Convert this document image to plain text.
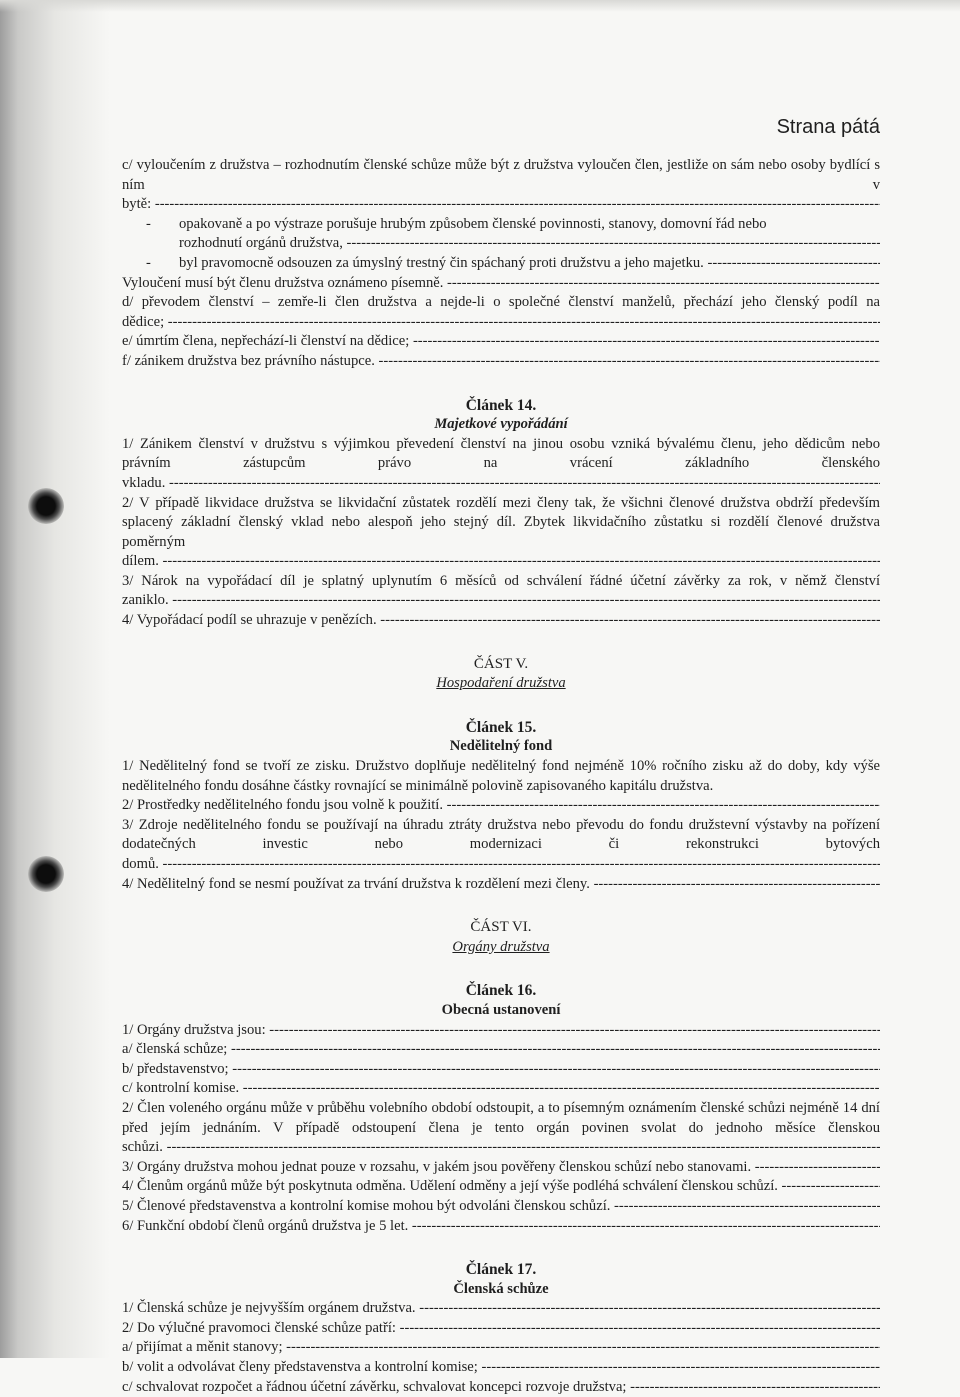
Strana pátá
c/ vyloučením z družstva – rozhodnutím členské schůze může být z družstva vyloučen člen, jestliže on sám nebo osoby bydlící s ním v bytě: -----
- opakovaně a po výstraze porušuje hrubým způsobem členské povinnosti, stanovy, domovní řád nebo
rozhodnutí orgánů družstva, -----
- byl pravomocně odsouzen za úmyslný trestný čin spáchaný proti družstvu a jeho majetku. -----
Vyloučení musí být členu družstva oznámeno písemně. -----
d/ převodem členství – zemře-li člen družstva a nejde-li o společné členství manželů, přechází jeho členský podíl na dědice; -----
e/ úmrtím člena, nepřechází-li členství na dědice; -----
f/ zánikem družstva bez právního nástupce. -----
Článek 14.
Majetkové vypořádání
1/ Zánikem členství v družstvu s výjimkou převedení členství na jinou osobu vzniká bývalému členu, jeho dědicům nebo právním zástupcům právo na vrácení základního členského vkladu. -----
2/ V případě likvidace družstva se likvidační zůstatek rozdělí mezi členy tak, že všichni členové družstva obdrží především splacený základní členský vklad nebo alespoň jeho stejný díl. Zbytek likvidačního zůstatku si rozdělí členové družstva poměrným dílem. -----
3/ Nárok na vypořádací díl je splatný uplynutím 6 měsíců od schválení řádné účetní závěrky za rok, v němž členství zaniklo. -----
4/ Vypořádací podíl se uhrazuje v penězích. -----
ČÁST V.
Hospodaření družstva
Článek 15.
Nedělitelný fond
1/ Nedělitelný fond se tvoří ze zisku. Družstvo doplňuje nedělitelný fond nejméně 10% ročního zisku až do doby, kdy výše nedělitelného fondu dosáhne částky rovnající se minimálně polovině zapisovaného kapitálu družstva.
2/ Prostředky nedělitelného fondu jsou volně k použití. -----
3/ Zdroje nedělitelného fondu se používají na úhradu ztráty družstva nebo převodu do fondu družstevní výstavby na pořízení dodatečných investic nebo modernizaci či rekonstrukci bytových domů. -----
4/ Nedělitelný fond se nesmí používat za trvání družstva k rozdělení mezi členy. -----
ČÁST VI.
Orgány družstva
Článek 16.
Obecná ustanovení
1/ Orgány družstva jsou: -----
a/ členská schůze; -----
b/ představenstvo; -----
c/ kontrolní komise. -----
2/ Člen voleného orgánu může v průběhu volebního období odstoupit, a to písemným oznámením členské schůzi nejméně 14 dní před jejím jednáním. V případě odstoupení člena je tento orgán povinen svolat do jednoho měsíce členskou schůzi. -----
3/ Orgány družstva mohou jednat pouze v rozsahu, v jakém jsou pověřeny členskou schůzí nebo stanovami. -----
4/ Členům orgánů může být poskytnuta odměna. Udělení odměny a její výše podléhá schválení členskou schůzí. -----
5/ Členové představenstva a kontrolní komise mohou být odvoláni členskou schůzí. -----
6/ Funkční období členů orgánů družstva je 5 let. -----
Článek 17.
Členská schůze
1/ Členská schůze je nejvyšším orgánem družstva. -----
2/ Do výlučné pravomoci členské schůze patří: -----
a/ přijímat a měnit stanovy; -----
b/ volit a odvolávat členy představenstva a kontrolní komise; -----
c/ schvalovat rozpočet a řádnou účetní závěrku, schvalovat koncepci rozvoje družstva; -----
